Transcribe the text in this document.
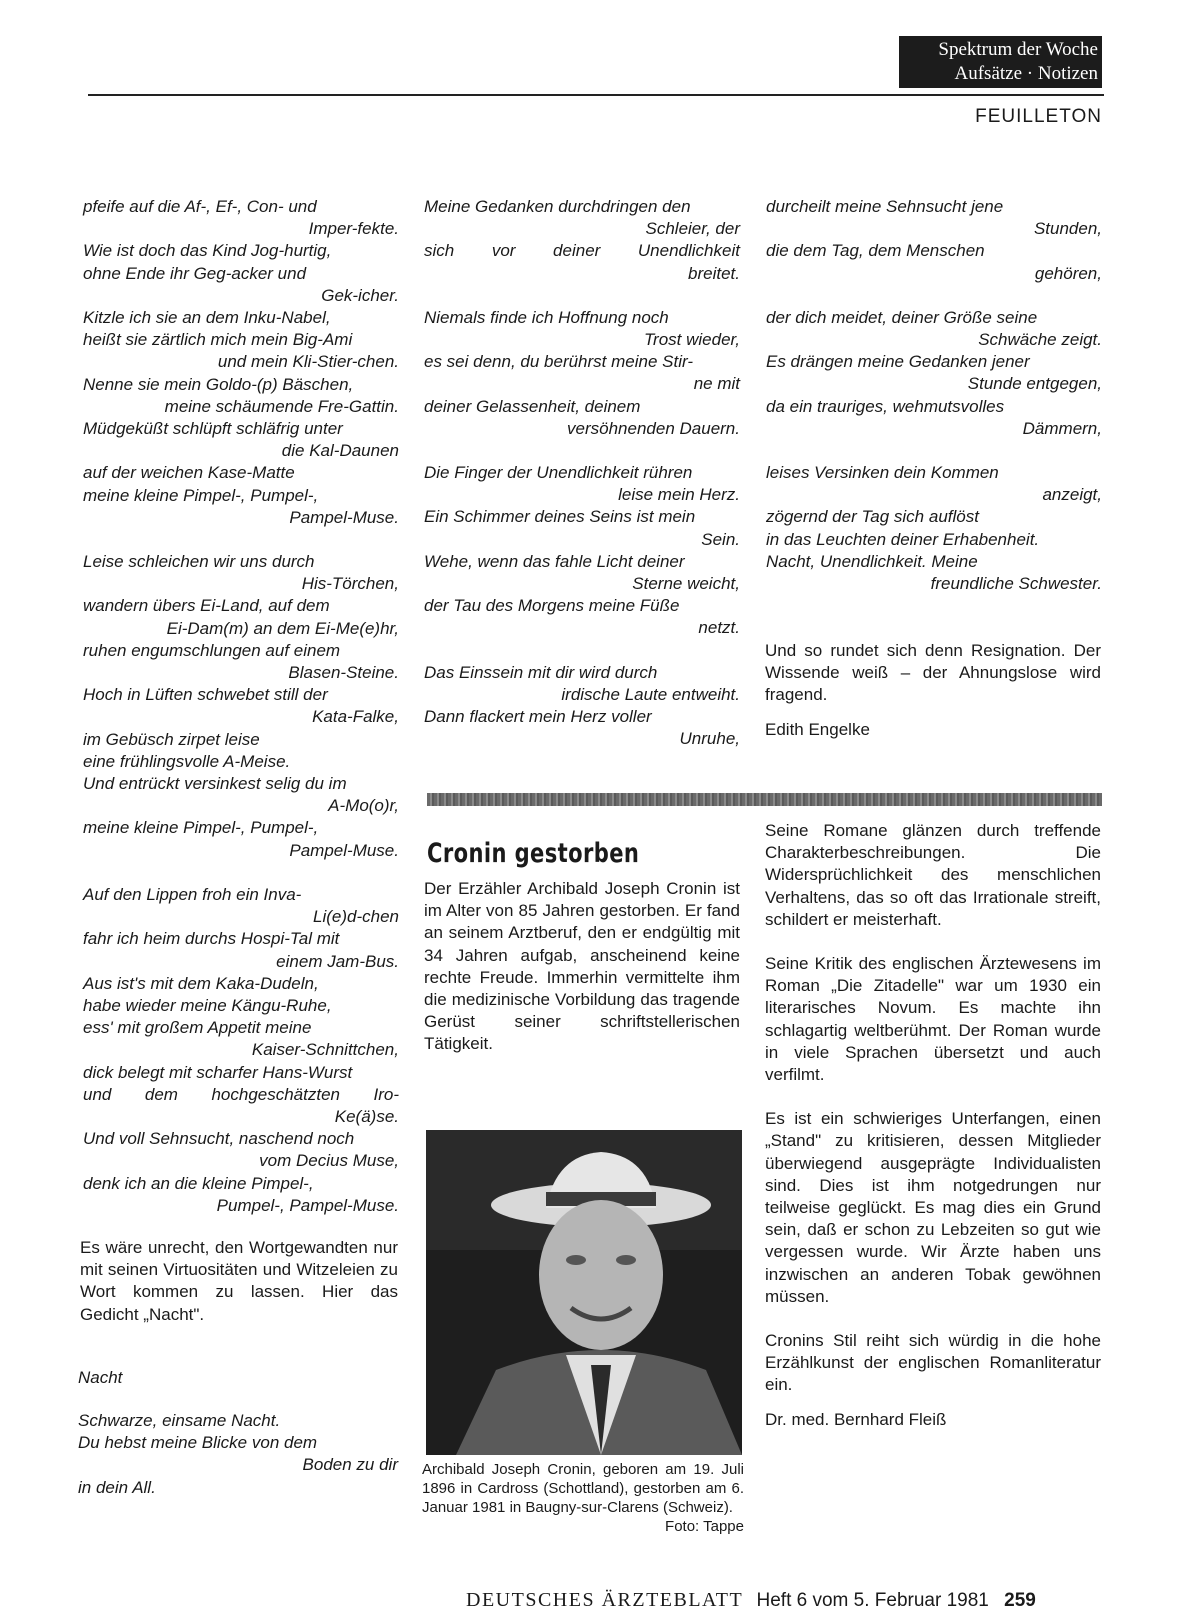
Spektrum der Woche
Aufsätze · Notizen
FEUILLETON
pfeife auf die Af-, Ef-, Con- und
Imper-fekte.
Wie ist doch das Kind Jog-hurtig,
ohne Ende ihr Geg-acker und
Gek-icher.
Kitzle ich sie an dem Inku-Nabel,
heißt sie zärtlich mich mein Big-Ami
und mein Kli-Stier-chen.
Nenne sie mein Goldo-(p) Bäschen,
meine schäumende Fre-Gattin.
Müdgeküßt schlüpft schläfrig unter
die Kal-Daunen
auf der weichen Kase-Matte
meine kleine Pimpel-, Pumpel-,
Pampel-Muse.
Leise schleichen wir uns durch
His-Törchen,
wandern übers Ei-Land, auf dem
Ei-Dam(m) an dem Ei-Me(e)hr,
ruhen engumschlungen auf einem
Blasen-Steine.
Hoch in Lüften schwebet still der
Kata-Falke,
im Gebüsch zirpet leise
eine frühlingsvolle A-Meise.
Und entrückt versinkest selig du im
A-Mo(o)r,
meine kleine Pimpel-, Pumpel-,
Pampel-Muse.
Auf den Lippen froh ein Inva-
Li(e)d-chen
fahr ich heim durchs Hospi-Tal mit
einem Jam-Bus.
Aus ist's mit dem Kaka-Dudeln,
habe wieder meine Kängu-Ruhe,
ess' mit großem Appetit meine
Kaiser-Schnittchen,
dick belegt mit scharfer Hans-Wurst
und dem hochgeschätzten Iro-
Ke(ä)se.
Und voll Sehnsucht, naschend noch
vom Decius Muse,
denk ich an die kleine Pimpel-,
Pumpel-, Pampel-Muse.

Es wäre unrecht, den Wortgewandten nur mit seinen Virtuositäten und Witzeleien zu Wort kommen zu lassen. Hier das Gedicht „Nacht".

Nacht
Schwarze, einsame Nacht.
Du hebst meine Blicke von dem
Boden zu dir
in dein All.
Meine Gedanken durchdringen den
Schleier, der
sich vor deiner Unendlichkeit
breitet.
Niemals finde ich Hoffnung noch
Trost wieder,
es sei denn, du berührst meine Stir-
ne mit
deiner Gelassenheit, deinem
versöhnenden Dauern.
Die Finger der Unendlichkeit rühren
leise mein Herz.
Ein Schimmer deines Seins ist mein
Sein.
Wehe, wenn das fahle Licht deiner
Sterne weicht,
der Tau des Morgens meine Füße
netzt.
Das Einssein mit dir wird durch
irdische Laute entweiht.
Dann flackert mein Herz voller
Unruhe,
durcheilt meine Sehnsucht jene
Stunden,
die dem Tag, dem Menschen
gehören,
der dich meidet, deiner Größe seine
Schwäche zeigt.
Es drängen meine Gedanken jener
Stunde entgegen,
da ein trauriges, wehmutsvolles
Dämmern,
leises Versinken dein Kommen
anzeigt,
zögernd der Tag sich auflöst
in das Leuchten deiner Erhabenheit.
Nacht, Unendlichkeit. Meine
freundliche Schwester.

Und so rundet sich denn Resignation. Der Wissende weiß – der Ahnungslose wird fragend.

Edith Engelke

Cronin gestorben

Der Erzähler Archibald Joseph Cronin ist im Alter von 85 Jahren gestorben. Er fand an seinem Arztberuf, den er endgültig mit 34 Jahren aufgab, anscheinend keine rechte Freude. Immerhin vermittelte ihm die medizinische Vorbildung das tragende Gerüst seiner schriftstellerischen Tätigkeit.

Archibald Joseph Cronin, geboren am 19. Juli 1896 in Cardross (Schottland), gestorben am 6. Januar 1981 in Baugny-sur-Clarens (Schweiz).
Foto: Tappe

Seine Romane glänzen durch treffende Charakterbeschreibungen. Die Widersprüchlichkeit des menschlichen Verhaltens, das so oft das Irrationale streift, schildert er meisterhaft.

Seine Kritik des englischen Ärztewesens im Roman „Die Zitadelle" war um 1930 ein literarisches Novum. Es machte ihn schlagartig weltberühmt. Der Roman wurde in viele Sprachen übersetzt und auch verfilmt.

Es ist ein schwieriges Unterfangen, einen „Stand" zu kritisieren, dessen Mitglieder überwiegend ausgeprägte Individualisten sind. Dies ist ihm notgedrungen nur teilweise geglückt. Es mag dies ein Grund sein, daß er schon zu Lebzeiten so gut wie vergessen wurde. Wir Ärzte haben uns inzwischen an anderen Tobak gewöhnen müssen.

Cronins Stil reiht sich würdig in die hohe Erzählkunst der englischen Romanliteratur ein.

Dr. med. Bernhard Fleiß

DEUTSCHES ÄRZTEBLATT Heft 6 vom 5. Februar 1981 259
